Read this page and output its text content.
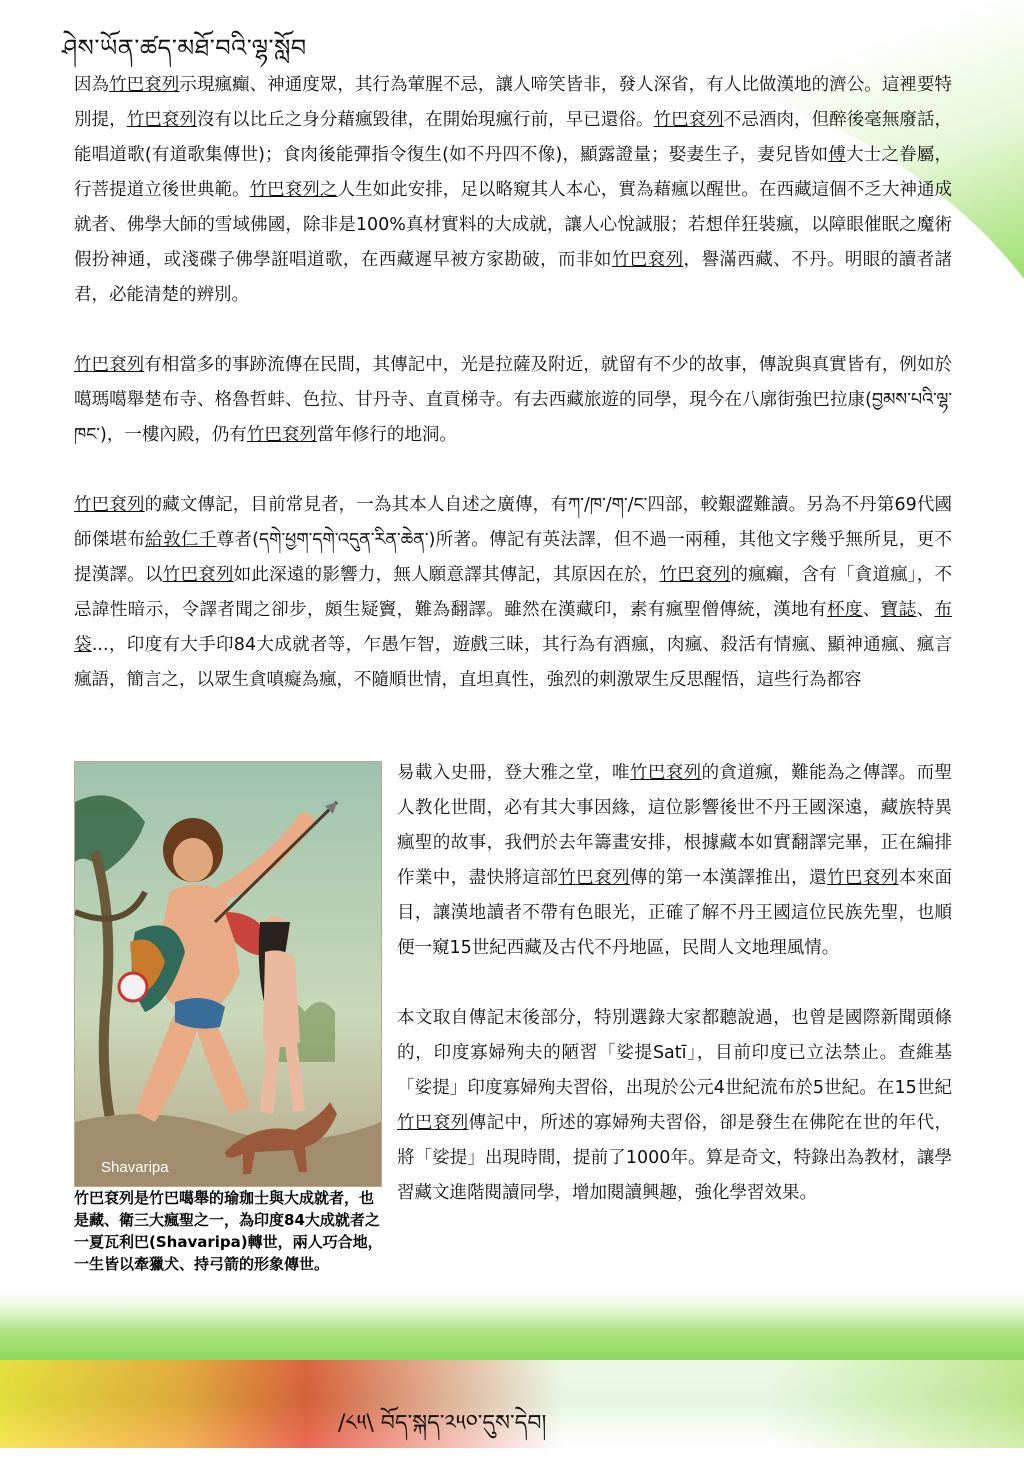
ཤེས་ཡོན་ཚད་མཐོ་བའི་ལྷ་སློབ

因為竹巴袞列示現瘋癲、神通度眾，其行為葷腥不忌，讓人啼笑皆非，發人深省，有人比做漢地的濟公。這裡要特別提，竹巴袞列沒有以比丘之身分藉瘋毀律，在開始現瘋行前，早已還俗。竹巴袞列不忌酒肉，但醉後毫無廢話，能唱道歌(有道歌集傳世)；食肉後能彈指令復生(如不丹四不像)，顯露證量；娶妻生子，妻兒皆如傅大士之眷屬，行菩提道立後世典範。竹巴袞列之人生如此安排，足以略窺其人本心，實為藉瘋以醒世。在西藏這個不乏大神通成就者、佛學大師的雪域佛國，除非是100%真材實料的大成就，讓人心悅誠服；若想佯狂裝瘋，以障眼催眠之魔術假扮神通，或淺碟子佛學誑唱道歌，在西藏遲早被方家勘破，而非如竹巴袞列，譽滿西藏、不丹。明眼的讀者諸君，必能清楚的辨別。

竹巴袞列有相當多的事跡流傳在民間，其傳記中，光是拉薩及附近，就留有不少的故事，傳說與真實皆有，例如於噶瑪噶舉楚布寺、格魯哲蚌、色拉、甘丹寺、直貢梯寺。有去西藏旅遊的同學，現今在八廓街強巴拉康(བྱམས་པའི་ལྷ་ཁང་)，一樓內殿，仍有竹巴袞列當年修行的地洞。

竹巴袞列的藏文傳記，目前常見者，一為其本人自述之廣傳，有ཀ་/ཁ་/ག་/ང་四部，較艱澀難讀。另為不丹第69代國師傑堪布給敦仁千尊者(དགེ་ཕྱག་དགེ་འདུན་རིན་ཆེན་)所著。傳記有英法譯，但不過一兩種，其他文字幾乎無所見，更不提漢譯。以竹巴袞列如此深遠的影響力，無人願意譯其傳記，其原因在於，竹巴袞列的瘋癲，含有「貪道瘋」，不忌諱性暗示，令譯者聞之卻步，頗生疑竇，難為翻譯。雖然在漢藏印，素有瘋聖僧傳統，漢地有杯度、寶誌、布袋...，印度有大手印84大成就者等，乍愚乍智，遊戲三昧，其行為有酒瘋，肉瘋、殺活有情瘋、顯神通瘋、瘋言瘋語，簡言之，以眾生貪嗔癡為瘋，不隨順世情，直坦真性，強烈的刺激眾生反思醒悟，這些行為都容

Shavaripa
竹巴袞列是竹巴噶舉的瑜珈士與大成就者，也是藏、衛三大瘋聖之一，為印度84大成就者之一夏瓦利巴(Shavaripa)轉世，兩人巧合地，一生皆以牽獵犬、持弓箭的形象傳世。

易載入史冊，登大雅之堂，唯竹巴袞列的貪道瘋，難能為之傳譯。而聖人教化世間，必有其大事因緣，這位影響後世不丹王國深遠，藏族特異瘋聖的故事，我們於去年籌畫安排，根據藏本如實翻譯完畢，正在編排作業中，盡快將這部竹巴袞列傳的第一本漢譯推出，還竹巴袞列本來面目，讓漢地讀者不帶有色眼光，正確了解不丹王國這位民族先聖，也順便一窺15世紀西藏及古代不丹地區，民間人文地理風情。

本文取自傳記末後部分，特別選錄大家都聽說過，也曾是國際新聞頭條的，印度寡婦殉夫的陋習「娑提Satī」，目前印度已立法禁止。查維基「娑提」印度寡婦殉夫習俗，出現於公元4世紀流布於5世紀。在15世紀竹巴袞列傳記中，所述的寡婦殉夫習俗，卻是發生在佛陀在世的年代，將「娑提」出現時間，提前了1000年。算是奇文，特錄出為教材，讓學習藏文進階閱讀同學，增加閱讀興趣，強化學習效果。

/༨༥\ བོད་སྐད་༢༥༠་དུས་དེབ།
